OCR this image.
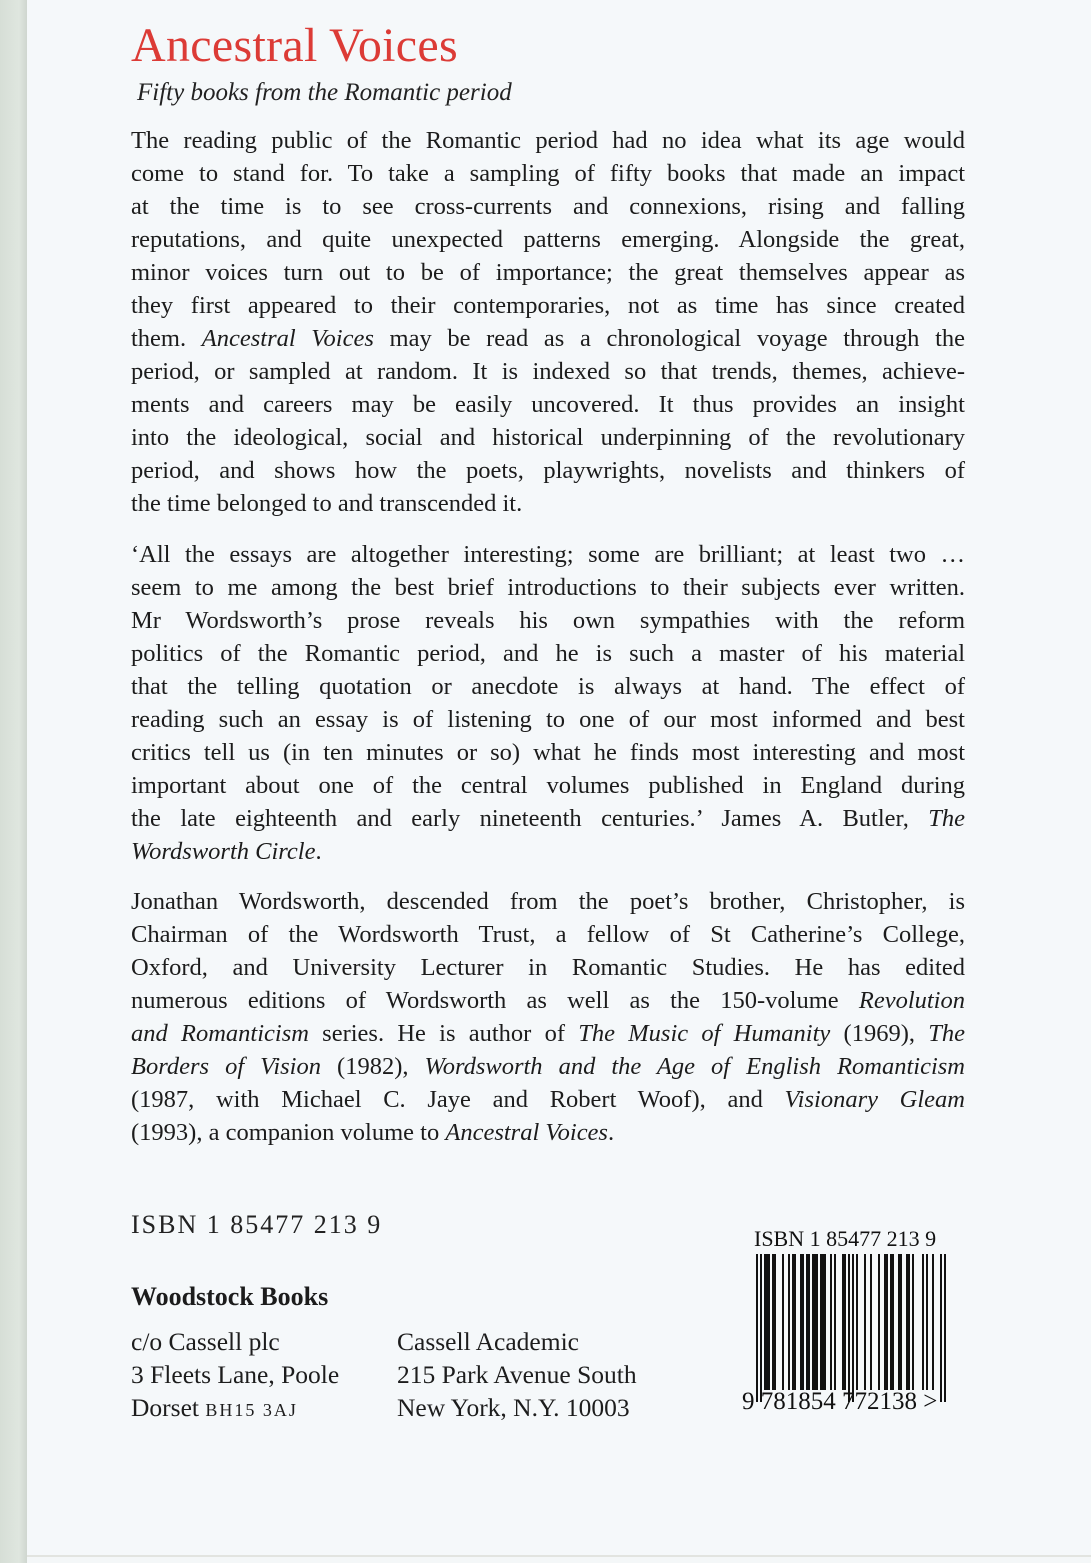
Ancestral Voices
Fifty books from the Romantic period
The reading public of the Romantic period had no idea what its age would
come to stand for. To take a sampling of fifty books that made an impact
at the time is to see cross-currents and connexions, rising and falling
reputations, and quite unexpected patterns emerging. Alongside the great,
minor voices turn out to be of importance; the great themselves appear as
they first appeared to their contemporaries, not as time has since created
them. Ancestral Voices may be read as a chronological voyage through the
period, or sampled at random. It is indexed so that trends, themes, achieve-
ments and careers may be easily uncovered. It thus provides an insight
into the ideological, social and historical underpinning of the revolutionary
period, and shows how the poets, playwrights, novelists and thinkers of
the time belonged to and transcended it.
‘All the essays are altogether interesting; some are brilliant; at least two …
seem to me among the best brief introductions to their subjects ever written.
Mr Wordsworth’s prose reveals his own sympathies with the reform
politics of the Romantic period, and he is such a master of his material
that the telling quotation or anecdote is always at hand. The effect of
reading such an essay is of listening to one of our most informed and best
critics tell us (in ten minutes or so) what he finds most interesting and most
important about one of the central volumes published in England during
the late eighteenth and early nineteenth centuries.’ James A. Butler, The
Wordsworth Circle.
Jonathan Wordsworth, descended from the poet’s brother, Christopher, is
Chairman of the Wordsworth Trust, a fellow of St Catherine’s College,
Oxford, and University Lecturer in Romantic Studies. He has edited
numerous editions of Wordsworth as well as the 150-volume Revolution
and Romanticism series. He is author of The Music of Humanity (1969), The
Borders of Vision (1982), Wordsworth and the Age of English Romanticism
(1987, with Michael C. Jaye and Robert Woof), and Visionary Gleam
(1993), a companion volume to Ancestral Voices.
ISBN 1 85477 213 9
Woodstock Books
c/o Cassell plc
3 Fleets Lane, Poole
Dorset BH15 3AJ
Cassell Academic
215 Park Avenue South
New York, N.Y. 10003
ISBN 1 85477 213 9
9 781854 772138 >
